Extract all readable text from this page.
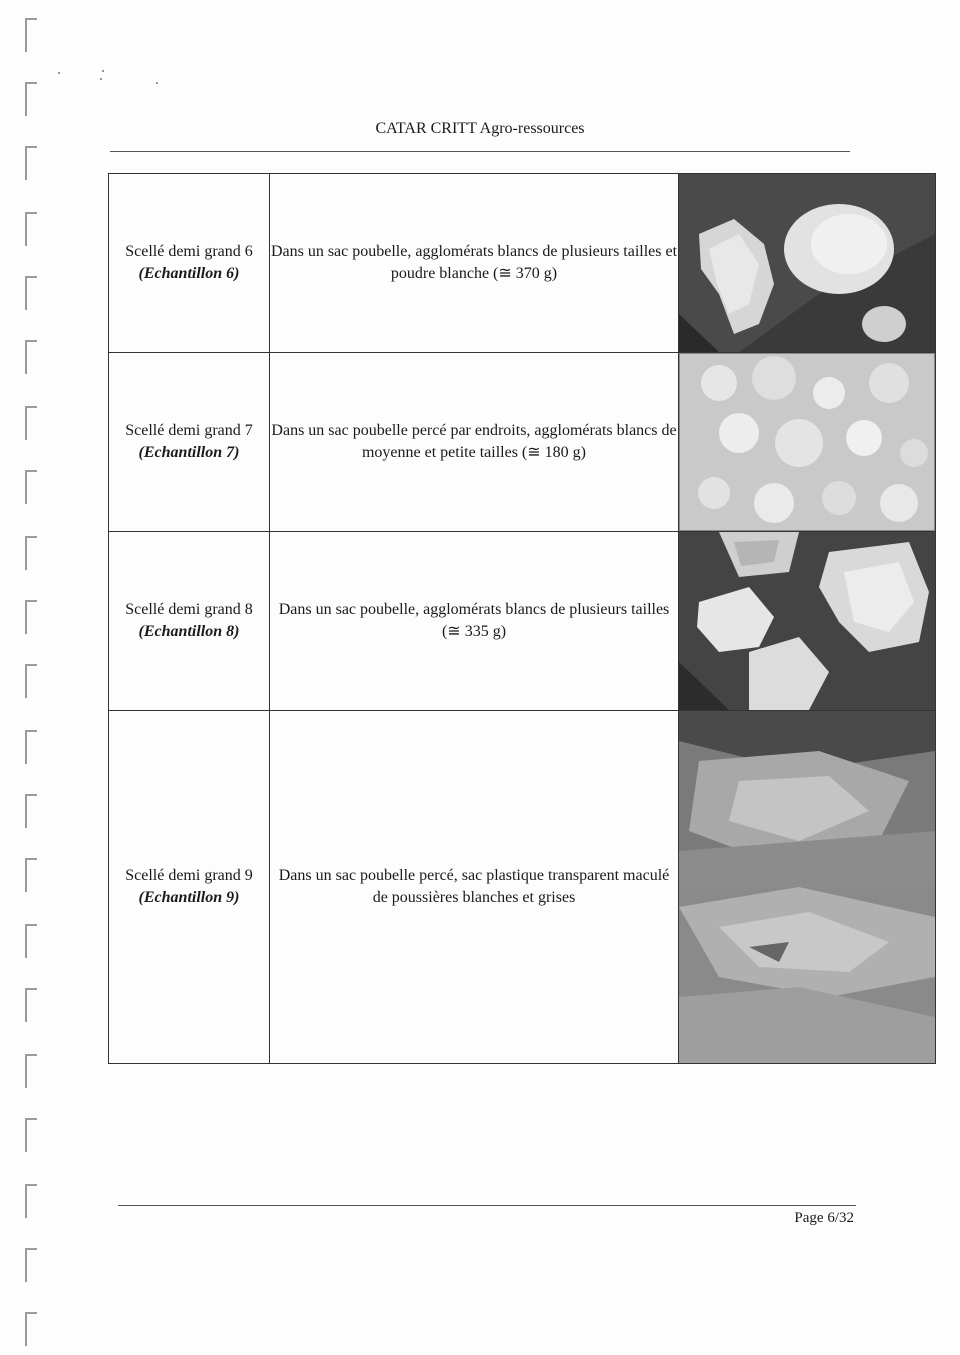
CATAR CRITT Agro-ressources
Scellé demi grand 6
(Echantillon 6)	Dans un sac poubelle, agglomérats blancs de plusieurs tailles et poudre blanche (≅ 370 g)

Scellé demi grand 7
(Echantillon 7)	Dans un sac poubelle percé par endroits, agglomérats blancs de moyenne et petite tailles (≅ 180 g)

Scellé demi grand 8
(Echantillon 8)	Dans un sac poubelle, agglomérats blancs de plusieurs tailles (≅ 335 g)

Scellé demi grand 9
(Echantillon 9)	Dans un sac poubelle percé, sac plastique transparent maculé de poussières blanches et grises

Page 6/32
